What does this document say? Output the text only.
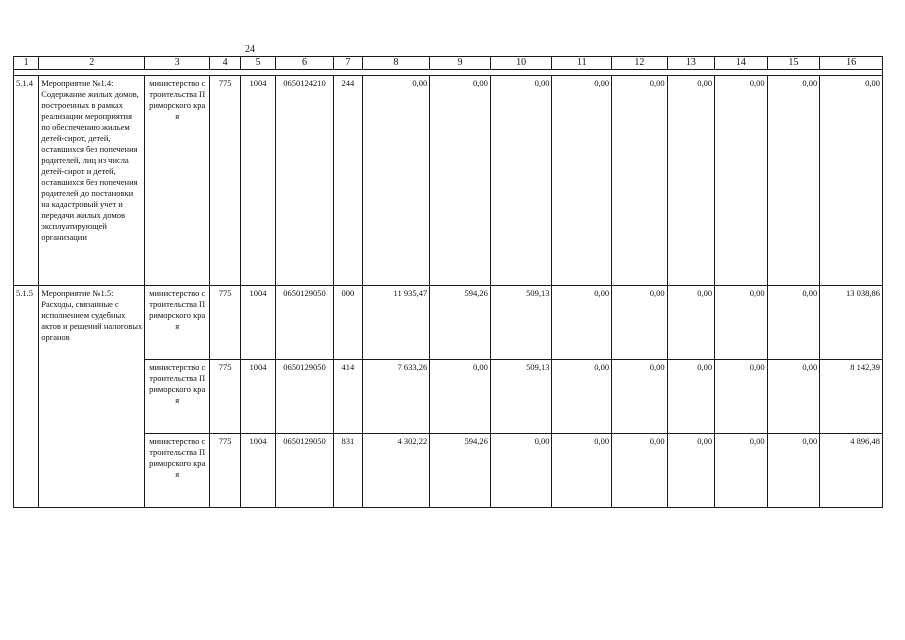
24
1	2	3	4	5	6	7	8	9	10	11	12	13	14	15	16

5.1.4	Мероприятие №1.4: Содержание жилых домов, построенных в рамках реализации мероприятия по обеспечению жильем детей-сирот, детей, оставшихся без попечения родителей, лиц из числа детей-сирот и детей, оставшихся без попечения родителей до постановки на кадастровый учет и передачи жилых домов эксплуатирующей организации	министерство строительства Приморского края	775	1004	0650124210	244	0,00	0,00	0,00	0,00	0,00	0,00	0,00	0,00	0,00
5.1.5	Мероприятие №1.5: Расходы, связанные с исполнением судебных актов и решений налоговых органов	министерство строительства Приморского края	775	1004	0650129050	000	11 935,47	594,26	509,13	0,00	0,00	0,00	0,00	0,00	13 038,86
		министерство строительства Приморского края	775	1004	0650129050	414	7 633,26	0,00	509,13	0,00	0,00	0,00	0,00	0,00	8 142,39
		министерство строительства Приморского края	775	1004	0650129050	831	4 302,22	594,26	0,00	0,00	0,00	0,00	0,00	0,00	4 896,48
